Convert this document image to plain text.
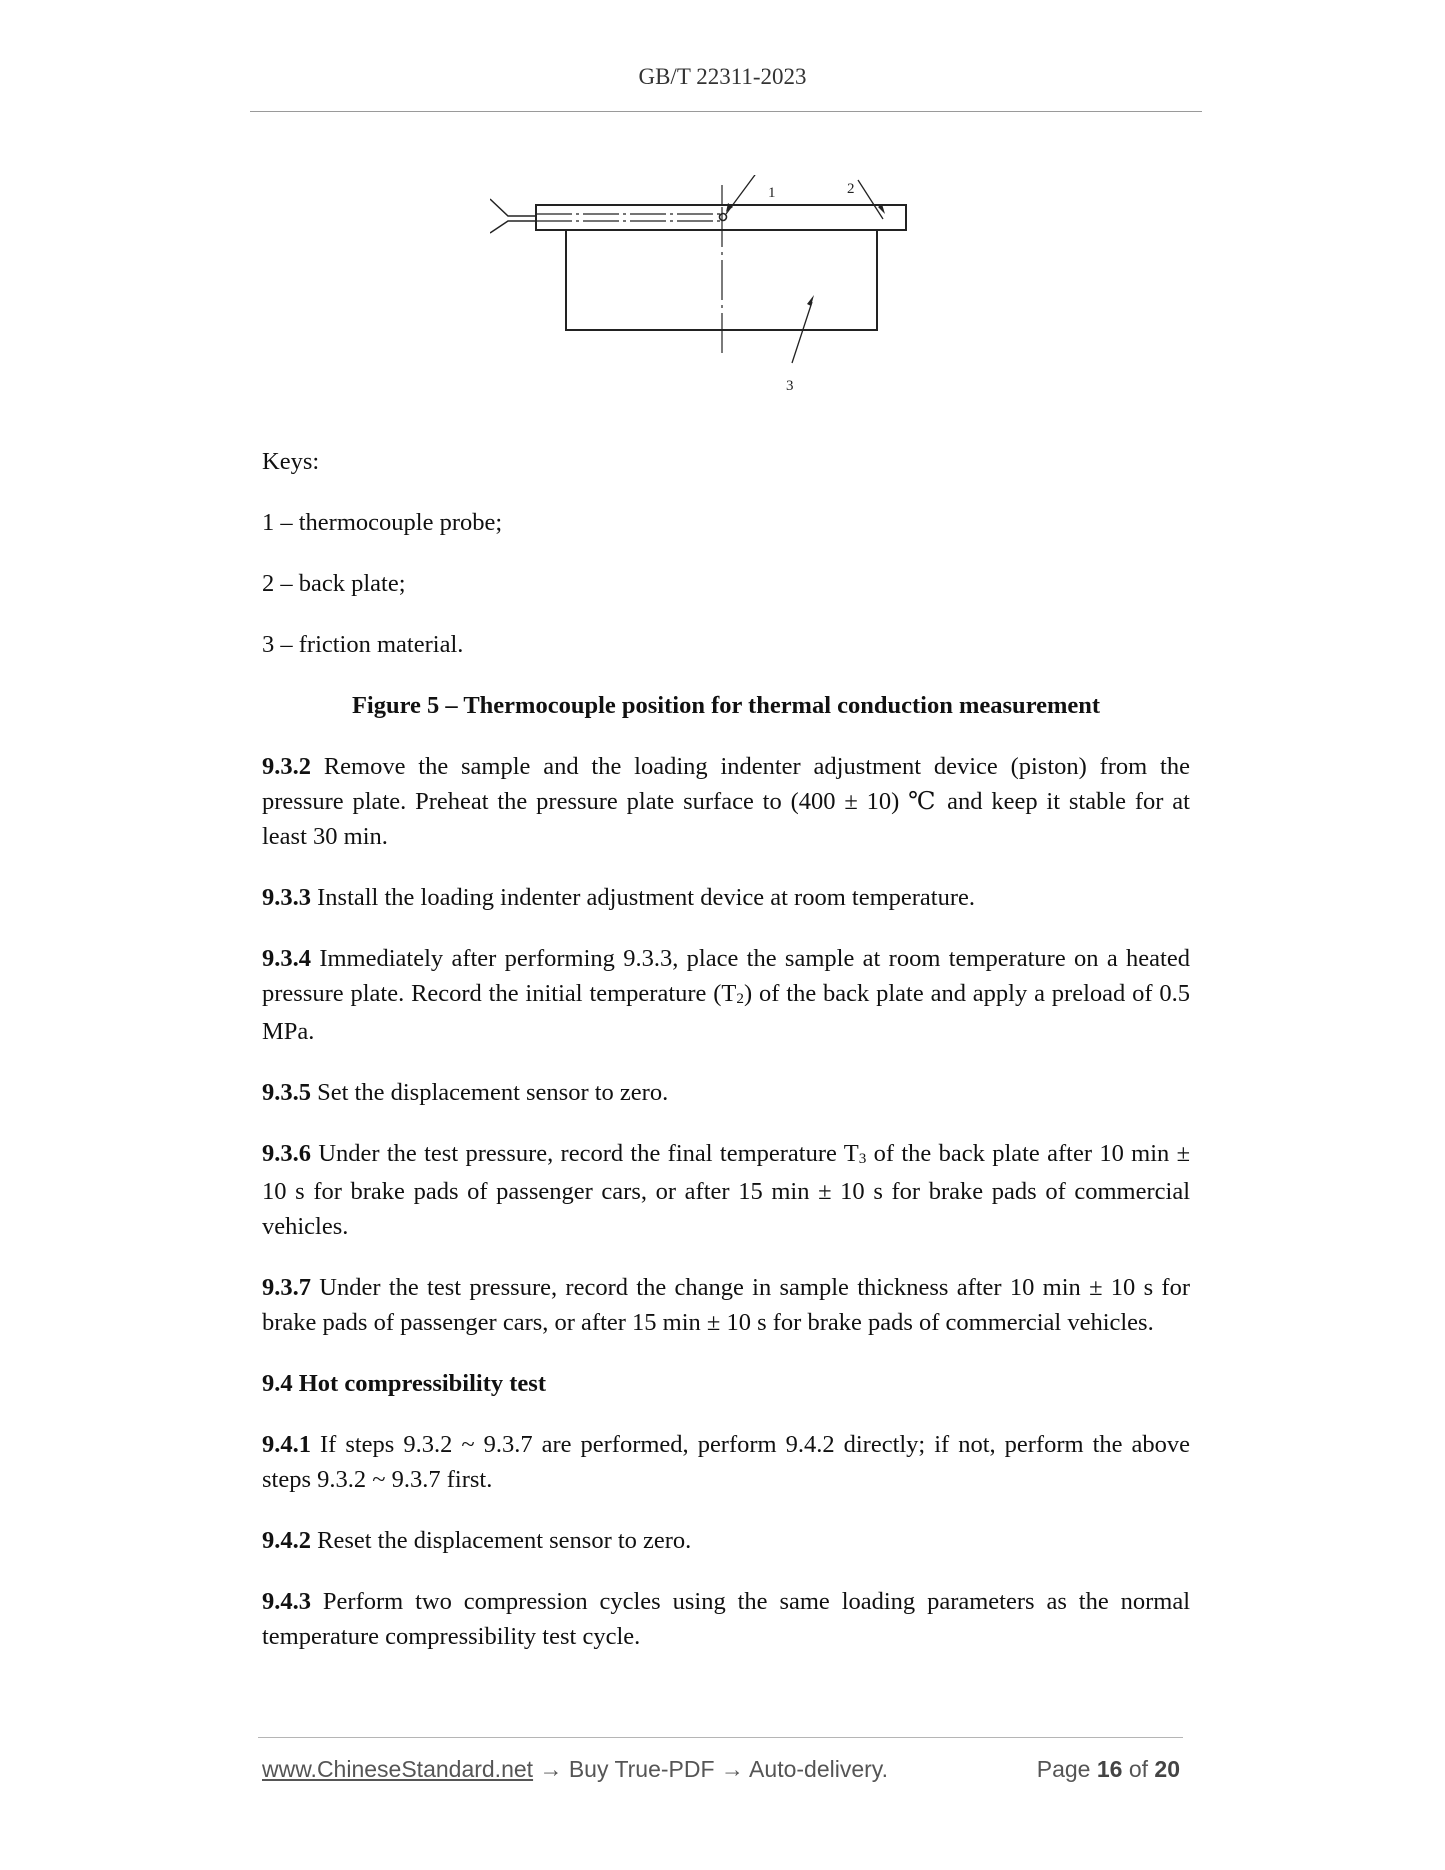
GB/T 22311-2023
1	2
3

Keys:

1 – thermocouple probe;

2 – back plate;

3 – friction material.

Figure 5 – Thermocouple position for thermal conduction measurement

9.3.2 Remove the sample and the loading indenter adjustment device (piston) from the pressure plate. Preheat the pressure plate surface to (400 ± 10) ℃ and keep it stable for at least 30 min.

9.3.3 Install the loading indenter adjustment device at room temperature.

9.3.4 Immediately after performing 9.3.3, place the sample at room temperature on a heated pressure plate. Record the initial temperature $(T_2)$ of the back plate and apply a preload of 0.5 MPa.

9.3.5 Set the displacement sensor to zero.

9.3.6 Under the test pressure, record the final temperature $T_3$ of the back plate after 10 min ± 10 s for brake pads of passenger cars, or after 15 min ± 10 s for brake pads of commercial vehicles.

9.3.7 Under the test pressure, record the change in sample thickness after 10 min ± 10 s for brake pads of passenger cars, or after 15 min ± 10 s for brake pads of commercial vehicles.

9.4 Hot compressibility test

9.4.1 If steps 9.3.2 ~ 9.3.7 are performed, perform 9.4.2 directly; if not, perform the above steps 9.3.2 ~ 9.3.7 first.

9.4.2 Reset the displacement sensor to zero.

9.4.3 Perform two compression cycles using the same loading parameters as the normal temperature compressibility test cycle.

www.ChineseStandard.net → Buy True-PDF → Auto-delivery.	Page 16 of 20
